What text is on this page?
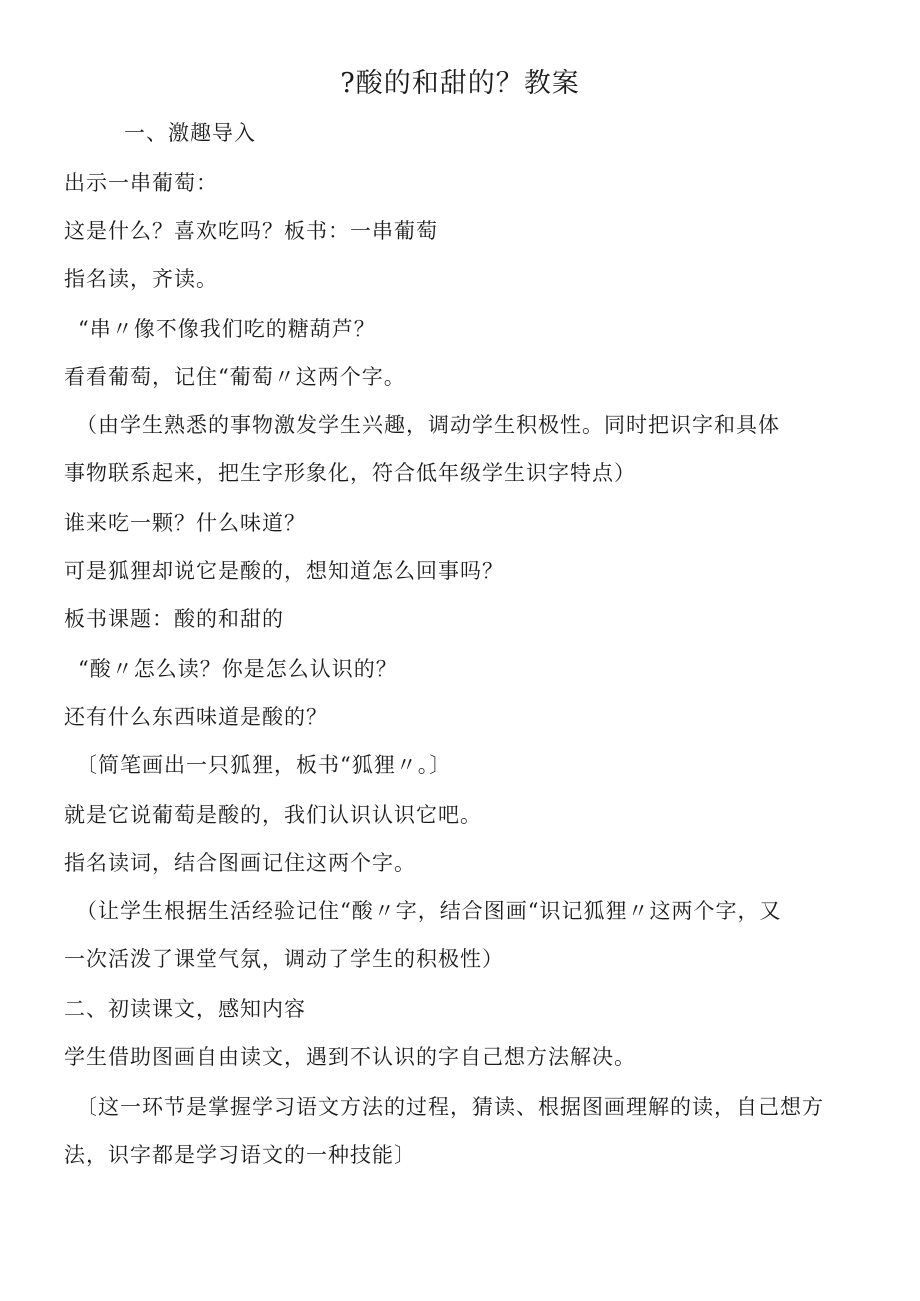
?酸的和甜的？教案
一、激趣导入
出示一串葡萄：
这是什么？喜欢吃吗？板书：一串葡萄
指名读，齐读。
“串〃像不像我们吃的糖葫芦？
看看葡萄，记住“葡萄〃这两个字。
（由学生熟悉的事物激发学生兴趣，调动学生积极性。同时把识字和具体
事物联系起来，把生字形象化，符合低年级学生识字特点）
谁来吃一颗？什么味道？
可是狐狸却说它是酸的，想知道怎么回事吗？
板书课题：酸的和甜的
“酸〃怎么读？你是怎么认识的？
还有什么东西味道是酸的？
〔简笔画出一只狐狸，板书“狐狸〃。〕
就是它说葡萄是酸的，我们认识认识它吧。
指名读词，结合图画记住这两个字。
（让学生根据生活经验记住“酸〃字，结合图画“识记狐狸〃这两个字，又
一次活泼了课堂气氛，调动了学生的积极性）
二、初读课文，感知内容
学生借助图画自由读文，遇到不认识的字自己想方法解决。
〔这一环节是掌握学习语文方法的过程，猜读、根据图画理解的读，自己想方
法，识字都是学习语文的一种技能〕
